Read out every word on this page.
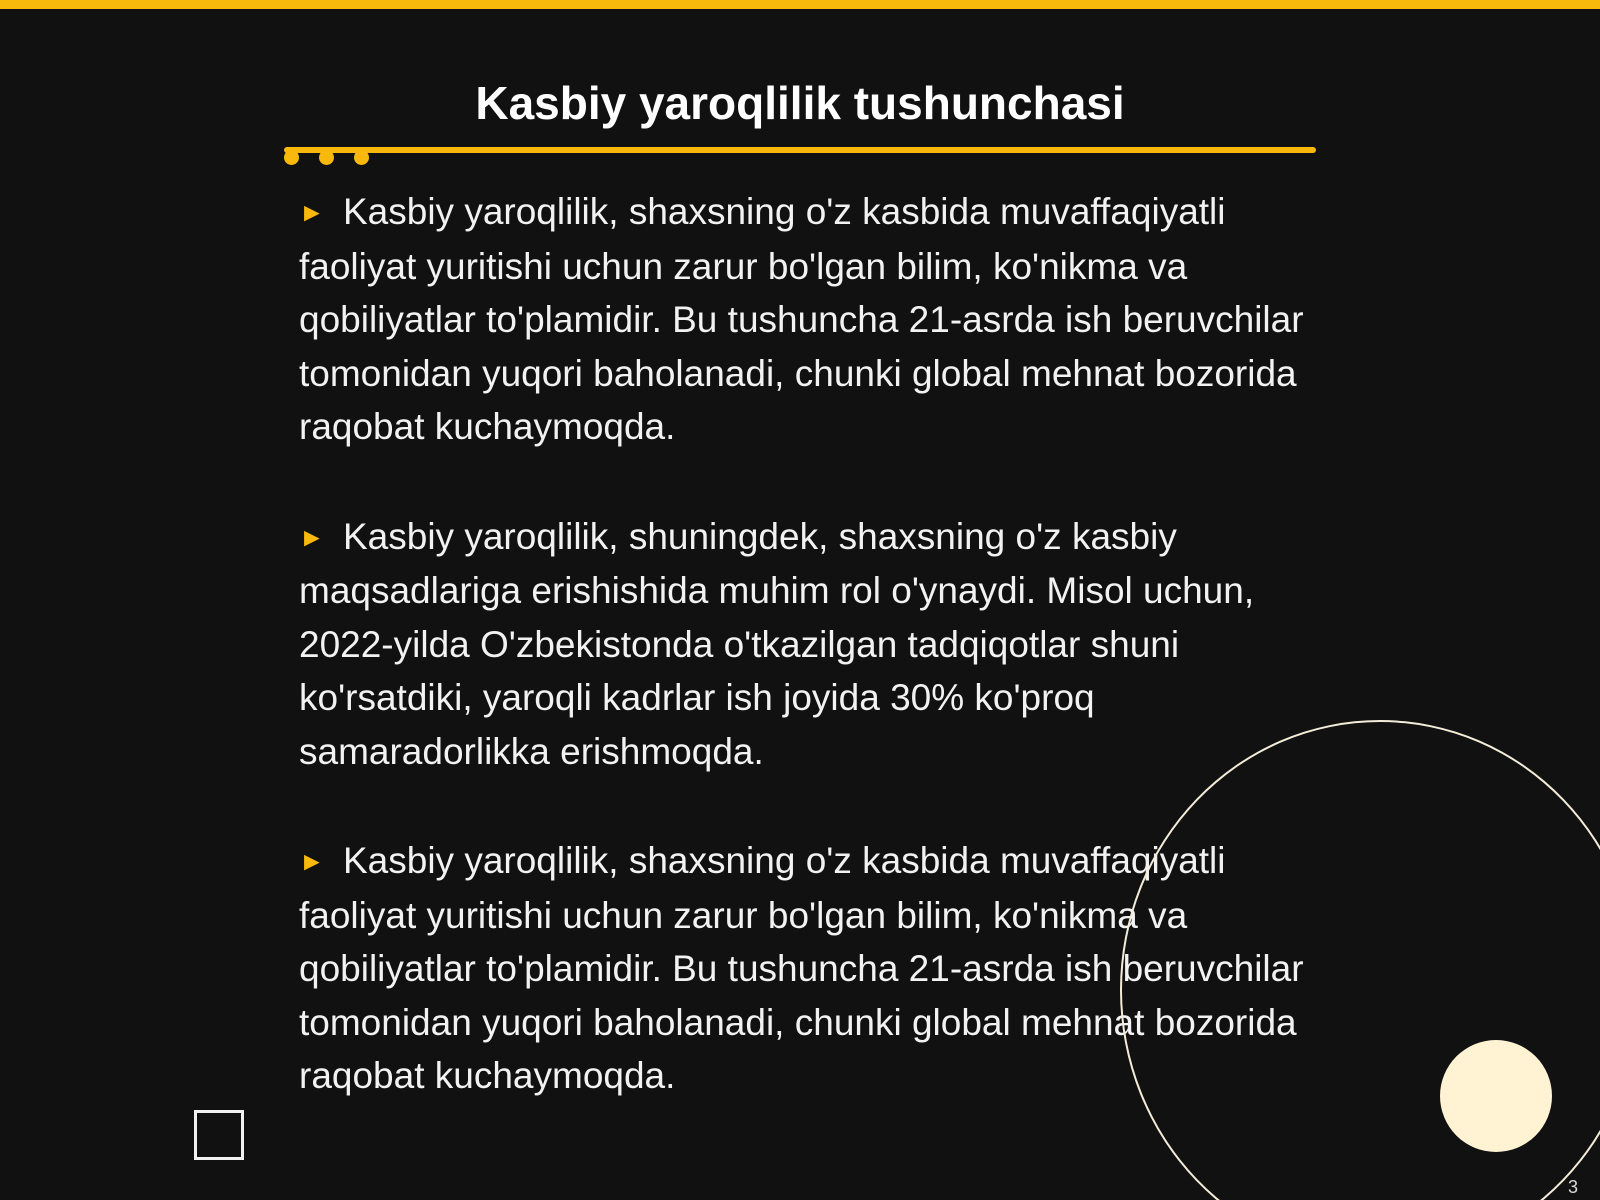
Kasbiy yaroqlilik tushunchasi

► Kasbiy yaroqlilik, shaxsning o'z kasbida muvaffaqiyatli faoliyat yuritishi uchun zarur bo'lgan bilim, ko'nikma va qobiliyatlar to'plamidir. Bu tushuncha 21-asrda ish beruvchilar tomonidan yuqori baholanadi, chunki global mehnat bozorida raqobat kuchaymoqda.

► Kasbiy yaroqlilik, shuningdek, shaxsning o'z kasbiy maqsadlariga erishishida muhim rol o'ynaydi. Misol uchun, 2022-yilda O'zbekistonda o'tkazilgan tadqiqotlar shuni ko'rsatdiki, yaroqli kadrlar ish joyida 30% ko'proq samaradorlikka erishmoqda.

► Kasbiy yaroqlilik, shaxsning o'z kasbida muvaffaqiyatli faoliyat yuritishi uchun zarur bo'lgan bilim, ko'nikma va qobiliyatlar to'plamidir. Bu tushuncha 21-asrda ish beruvchilar tomonidan yuqori baholanadi, chunki global mehnat bozorida raqobat kuchaymoqda.

3
